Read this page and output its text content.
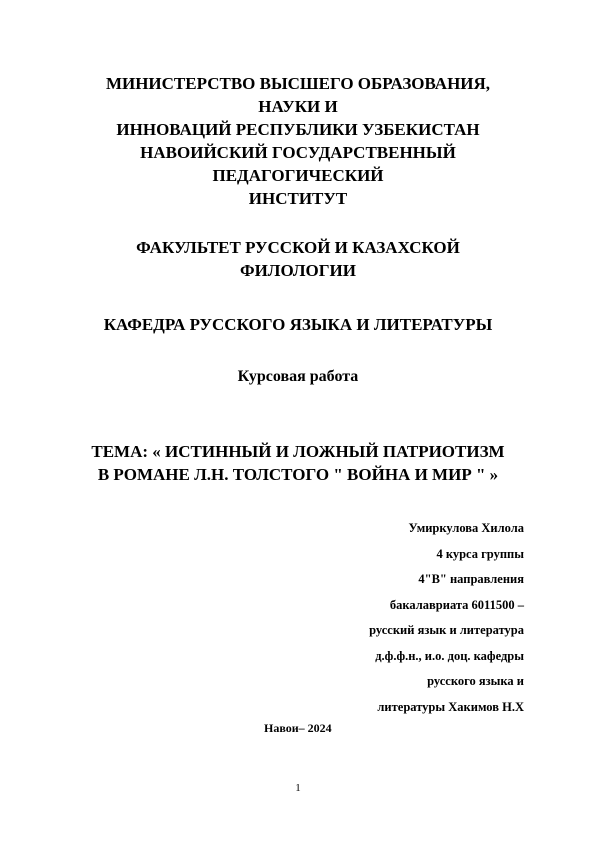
МИНИСТЕРСТВО ВЫСШЕГО ОБРАЗОВАНИЯ,
НАУКИ И
ИННОВАЦИЙ РЕСПУБЛИКИ УЗБЕКИСТАН
НАВОИЙСКИЙ ГОСУДАРСТВЕННЫЙ
ПЕДАГОГИЧЕСКИЙ
ИНСТИТУТ
ФАКУЛЬТЕТ РУССКОЙ И КАЗАХСКОЙ
ФИЛОЛОГИИ
КАФЕДРА РУССКОГО ЯЗЫКА И ЛИТЕРАТУРЫ
Курсовая работа
ТЕМА: « ИСТИННЫЙ И ЛОЖНЫЙ ПАТРИОТИЗМ
В РОМАНЕ Л.Н. ТОЛСТОГО " ВОЙНА И МИР " »
Умиркулова Хилола
4 курса группы
4"В" направления
бакалавриата 6011500 –
русский язык и литература
д.ф.ф.н., и.о. доц. кафедры
русского языка и
литературы Хакимов Н.Х
Навои– 2024
1
